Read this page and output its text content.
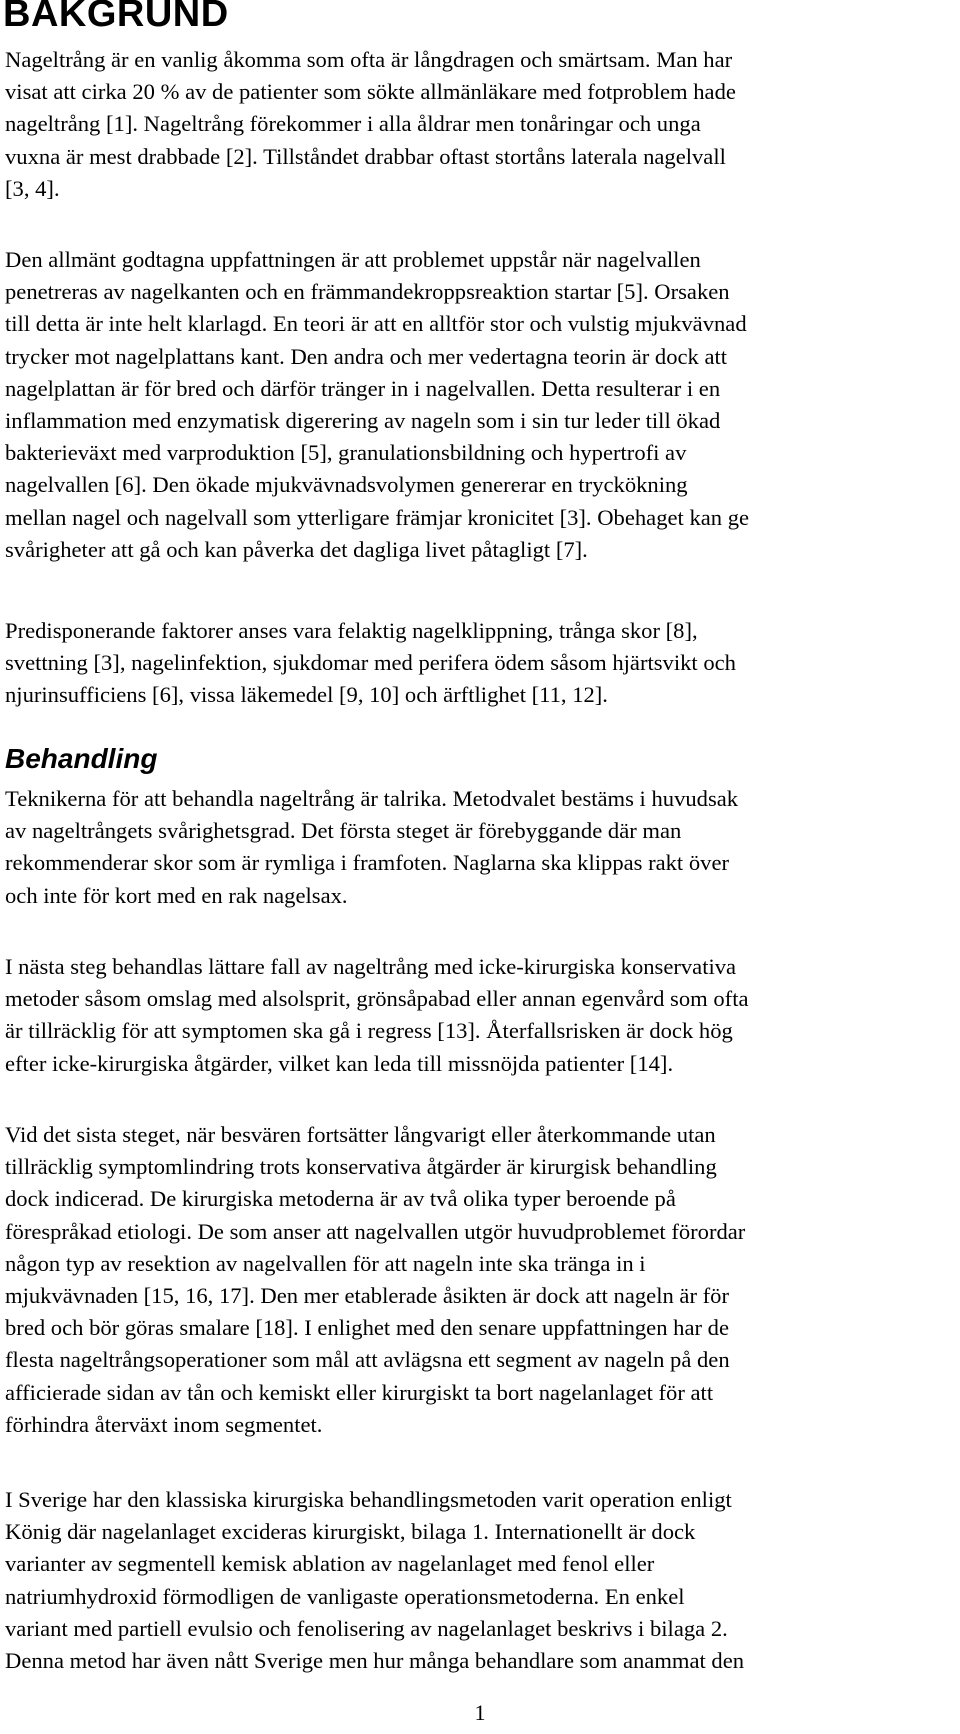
BAKGRUND
Nageltrång är en vanlig åkomma som ofta är långdragen och smärtsam. Man har
visat att cirka 20 % av de patienter som sökte allmänläkare med fotproblem hade
nageltrång [1]. Nageltrång förekommer i alla åldrar men tonåringar och unga
vuxna är mest drabbade [2]. Tillståndet drabbar oftast stortåns laterala nagelvall
[3, 4].
Den allmänt godtagna uppfattningen är att problemet uppstår när nagelvallen
penetreras av nagelkanten och en främmandekroppsreaktion startar [5]. Orsaken
till detta är inte helt klarlagd. En teori är att en alltför stor och vulstig mjukvävnad
trycker mot nagelplattans kant. Den andra och mer vedertagna teorin är dock att
nagelplattan är för bred och därför tränger in i nagelvallen. Detta resulterar i en
inflammation med enzymatisk digerering av nageln som i sin tur leder till ökad
bakterieväxt med varproduktion [5], granulationsbildning och hypertrofi av
nagelvallen [6]. Den ökade mjukvävnadsvolymen genererar en tryckökning
mellan nagel och nagelvall som ytterligare främjar kronicitet [3]. Obehaget kan ge
svårigheter att gå och kan påverka det dagliga livet påtagligt [7].
Predisponerande faktorer anses vara felaktig nagelklippning, trånga skor [8],
svettning [3], nagelinfektion, sjukdomar med perifera ödem såsom hjärtsvikt och
njurinsufficiens [6], vissa läkemedel [9, 10] och ärftlighet [11, 12].
Behandling
Teknikerna för att behandla nageltrång är talrika. Metodvalet bestäms i huvudsak
av nageltrångets svårighetsgrad. Det första steget är förebyggande där man
rekommenderar skor som är rymliga i framfoten. Naglarna ska klippas rakt över
och inte för kort med en rak nagelsax.
I nästa steg behandlas lättare fall av nageltrång med icke-kirurgiska konservativa
metoder såsom omslag med alsolsprit, grönsåpabad eller annan egenvård som ofta
är tillräcklig för att symptomen ska gå i regress [13]. Återfallsrisken är dock hög
efter icke-kirurgiska åtgärder, vilket kan leda till missnöjda patienter [14].
Vid det sista steget, när besvären fortsätter långvarigt eller återkommande utan
tillräcklig symptomlindring trots konservativa åtgärder är kirurgisk behandling
dock indicerad. De kirurgiska metoderna är av två olika typer beroende på
förespråkad etiologi. De som anser att nagelvallen utgör huvudproblemet förordar
någon typ av resektion av nagelvallen för att nageln inte ska tränga in i
mjukvävnaden [15, 16, 17]. Den mer etablerade åsikten är dock att nageln är för
bred och bör göras smalare [18]. I enlighet med den senare uppfattningen har de
flesta nageltrångsoperationer som mål att avlägsna ett segment av nageln på den
afficierade sidan av tån och kemiskt eller kirurgiskt ta bort nagelanlaget för att
förhindra återväxt inom segmentet.
I Sverige har den klassiska kirurgiska behandlingsmetoden varit operation enligt
König där nagelanlaget excideras kirurgiskt, bilaga 1. Internationellt är dock
varianter av segmentell kemisk ablation av nagelanlaget med fenol eller
natriumhydroxid förmodligen de vanligaste operationsmetoderna. En enkel
variant med partiell evulsio och fenolisering av nagelanlaget beskrivs i bilaga 2.
Denna metod har även nått Sverige men hur många behandlare som anammat den
1
